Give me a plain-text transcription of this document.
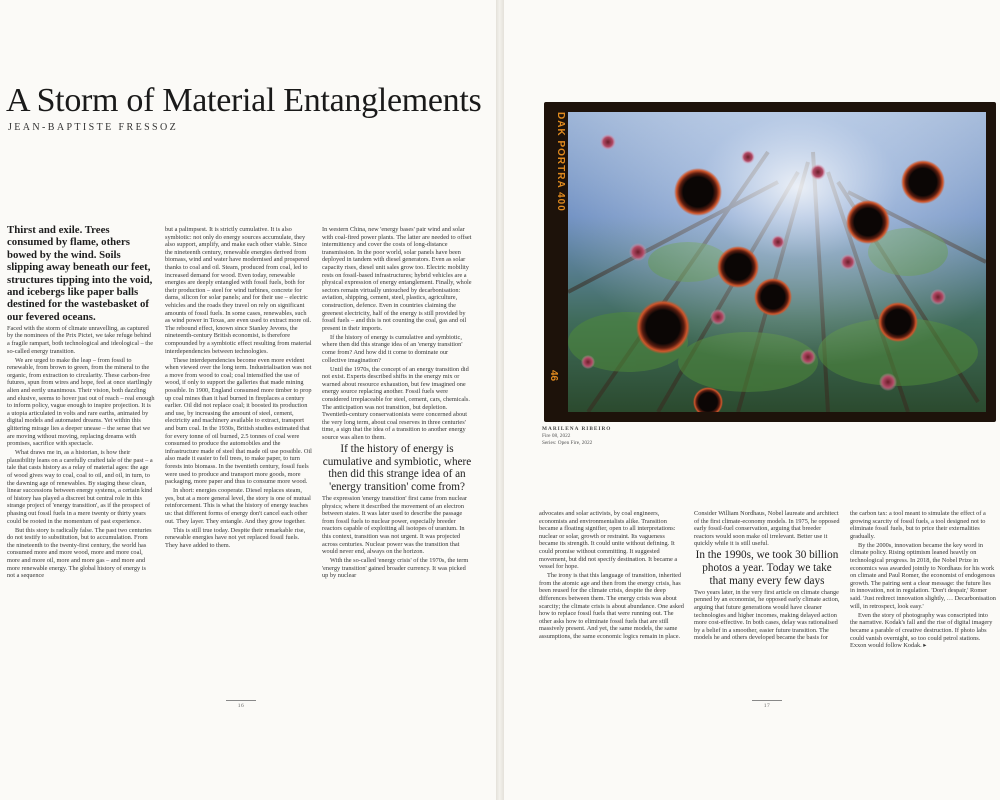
A Storm of Material Entanglements
JEAN-BAPTISTE FRESSOZ

Thirst and exile. Trees consumed by flame, others bowed by the wind. Soils slipping away beneath our feet, structures tipping into the void, and icebergs like paper balls destined for the wastebasket of our fevered oceans.

Faced with the storm of climate unravelling, as captured by the nominees of the Prix Pictet, we take refuge behind a fragile rampart, both technological and ideological – the so-called energy transition.

We are urged to make the leap – from fossil to renewable, from brown to green, from the mineral to the organic, from extraction to circularity. These carbon-free futures, spun from wires and hope, feel at once startlingly alien and eerily unanimous. Their vision, both dazzling and elusive, seems to hover just out of reach – real enough to inform policy, vague enough to inspire projection. It is a utopia articulated in volts and rare earths, animated by digital models and automated dreams. Yet within this glittering mirage lies a deeper unease – the sense that we are moving without moving, replacing dreams with promises, sacrifice with spectacle.

What draws me in, as a historian, is how their plausibility leans on a carefully crafted tale of the past – a tale that casts history as a relay of material ages: the age of wood gives way to coal, coal to oil, and oil, in turn, to the dawning age of renewables. By staging these clean, linear successions between energy systems, a certain kind of history has played a discreet but central role in this strange project of 'energy transition', as if the prospect of phasing out fossil fuels in a mere twenty or thirty years could be rooted in the momentum of past experience.

But this story is radically false. The past two centuries do not testify to substitution, but to accumulation. From the nineteenth to the twenty-first century, the world has consumed more and more wood, more and more coal, more and more oil, more and more gas – and more and more renewable energy. The global history of energy is not a sequence

but a palimpsest. It is strictly cumulative. It is also symbiotic: not only do energy sources accumulate, they also support, amplify, and make each other viable. Since the nineteenth century, renewable energies derived from biomass, wind and water have modernised and prospered thanks to coal and oil. Steam, produced from coal, led to increased demand for wood. Even today, renewable energies are deeply entangled with fossil fuels, both for their production – steel for wind turbines, concrete for dams, silicon for solar panels; and for their use – electric vehicles and the roads they travel on rely on significant amounts of fossil fuels. In some cases, renewables, such as wind power in Texas, are even used to extract more oil. The rebound effect, known since Stanley Jevons, the nineteenth-century British economist, is therefore compounded by a symbiotic effect resulting from material interdependencies between technologies.

These interdependencies become even more evident when viewed over the long term. Industrialisation was not a move from wood to coal; coal intensified the use of wood, if only to support the galleries that made mining possible. In 1900, England consumed more timber to prop up coal mines than it had burned in fireplaces a century earlier. Oil did not replace coal; it boosted its production and use, by increasing the amount of steel, cement, electricity and machinery available to extract, transport and burn coal. In the 1930s, British studies estimated that for every tonne of oil burned, 2.5 tonnes of coal were consumed to produce the automobiles and the infrastructure made of steel that made oil use possible. Oil also made it easier to fell trees, to make paper, to turn forests into biomass. In the twentieth century, fossil fuels were used to produce and transport more goods, more packaging, more paper and thus to consume more wood.

In short: energies cooperate. Diesel replaces steam, yes, but at a more general level, the story is one of mutual reinforcement. This is what the history of energy teaches us: that different forms of energy don't cancel each other out. They layer. They entangle. And they grow together.

This is still true today. Despite their remarkable rise, renewable energies have not yet replaced fossil fuels. They have added to them.

In western China, new 'energy bases' pair wind and solar with coal-fired power plants. The latter are needed to offset intermittency and cover the costs of long-distance transmission. In the poor world, solar panels have been deployed in tandem with diesel generators. Even as solar capacity rises, diesel unit sales grow too. Electric mobility rests on fossil-based infrastructures; hybrid vehicles are a physical expression of energy entanglement. Finally, whole sectors remain virtually untouched by decarbonisation: aviation, shipping, cement, steel, plastics, agriculture, construction, defence. Even in countries claiming the greenest electricity, half of the energy is still provided by fossil fuels – and this is not counting the coal, gas and oil present in their imports.

If the history of energy is cumulative and symbiotic, where then did this strange idea of an 'energy transition' come from? And how did it come to dominate our collective imagination?

Until the 1970s, the concept of an energy transition did not exist. Experts described shifts in the energy mix or warned about resource exhaustion, but few imagined one energy source replacing another. Fossil fuels were considered irreplaceable for steel, cement, cars, chemicals. The anticipation was not transition, but depletion. Twentieth-century conservationists were concerned about the very long term, about coal reserves in three centuries' time, a sign that the idea of a transition to another energy source was alien to them.

If the history of energy is cumulative and symbiotic, where then did this strange idea of an 'energy transition' come from?

The expression 'energy transition' first came from nuclear physics; where it described the movement of an electron between states. It was later used to describe the passage from fossil fuels to nuclear power, especially breeder reactors capable of exploiting all isotopes of uranium. In this context, transition was not urgent. It was projected across centuries. Nuclear power was the transition that would never end, always on the horizon.

With the so-called 'energy crisis' of the 1970s, the term 'energy transition' gained broader currency. It was picked up by nuclear

DAK PORTRA 400
46
MARILENA RIBEIRO
Fire 08, 2022
Series: Open Fire, 2022

advocates and solar activists, by coal engineers, economists and environmentalists alike. Transition became a floating signifier, open to all interpretations: nuclear or solar, growth or restraint. Its vagueness became its strength. It could unite without defining. It could promise without committing. It suggested movement, but did not specify destination. It became a vessel for hope.

The irony is that this language of transition, inherited from the atomic age and then from the energy crisis, has been reused for the climate crisis, despite the deep differences between them. The energy crisis was about scarcity; the climate crisis is about abundance. One asked how to replace fossil fuels that were running out. The other asks how to eliminate fossil fuels that are still massively present. And yet, the same models, the same assumptions, the same economic logics remain in place.

Consider William Nordhaus, Nobel laureate and architect of the first climate-economy models. In 1975, he opposed early fossil-fuel conservation, arguing that breeder reactors would soon make oil irrelevant. Better use it quickly while it is still useful.

In the 1990s, we took 30 billion photos a year. Today we take that many every few days

Two years later, in the very first article on climate change penned by an economist, he opposed early climate action, arguing that future generations would have cleaner technologies and higher incomes, making delayed action more cost-effective. In both cases, delay was rationalised by a belief in a smoother, easier future transition. The models he and others developed became the basis for

the carbon tax: a tool meant to simulate the effect of a growing scarcity of fossil fuels, a tool designed not to eliminate fossil fuels, but to price their externalities gradually.

By the 2000s, innovation became the key word in climate policy. Rising optimism leaned heavily on technological progress. In 2018, the Nobel Prize in economics was awarded jointly to Nordhaus for his work on climate and Paul Romer, the economist of endogenous growth. The pairing sent a clear message: the future lies in innovation, not in regulation. 'Don't despair,' Romer said. 'Just redirect innovation slightly, … Decarbonisation will, in retrospect, look easy.'

Even the story of photography was conscripted into the narrative. Kodak's fall and the rise of digital imagery became a parable of creative destruction. If photo labs could vanish overnight, so too could petrol stations. Exxon would follow Kodak. ▸

16	17
